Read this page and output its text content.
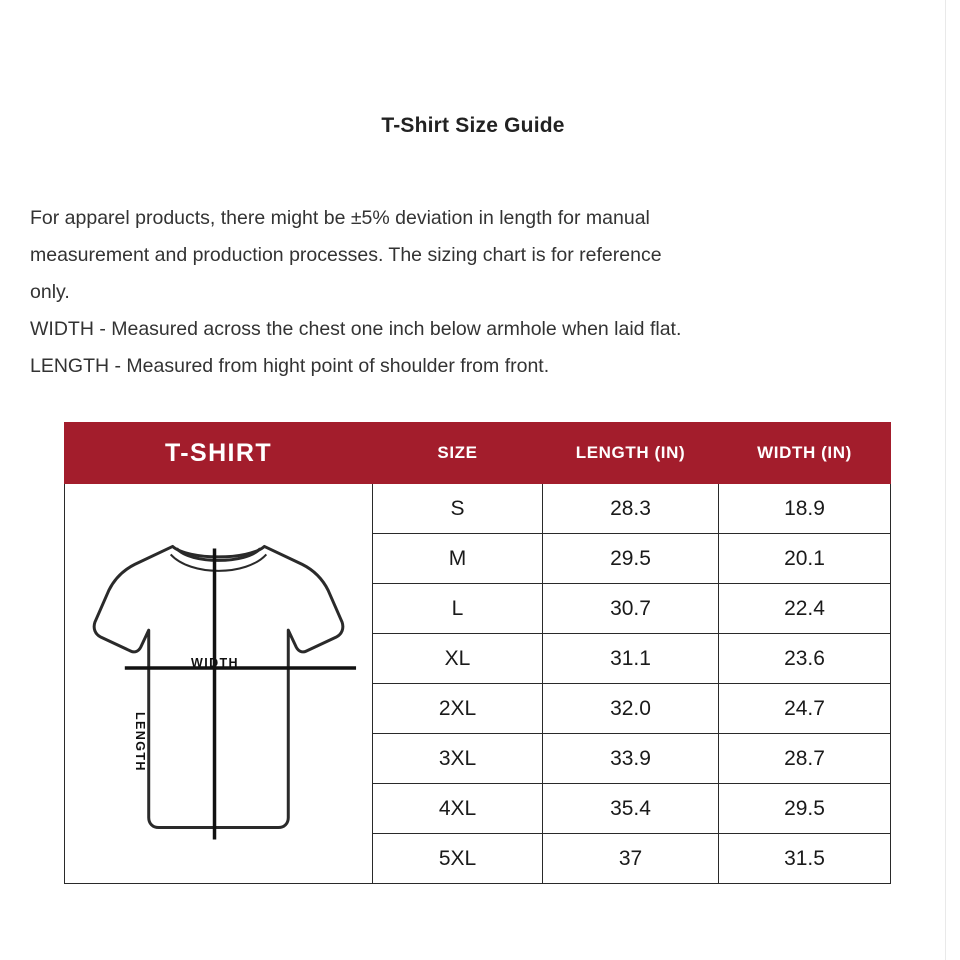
T-Shirt Size Guide

For apparel products, there might be ±5% deviation in length for manual

measurement and production processes. The sizing chart is for reference

only.

WIDTH - Measured across the chest one inch below armhole when laid flat.

LENGTH - Measured from hight point of shoulder from front.

T-SHIRT	SIZE	LENGTH (IN)	WIDTH (IN)

WIDTH
LENGTH	S	28.3	18.9
	M	29.5	20.1
	L	30.7	22.4
	XL	31.1	23.6
	2XL	32.0	24.7
	3XL	33.9	28.7
	4XL	35.4	29.5
	5XL	37	31.5
